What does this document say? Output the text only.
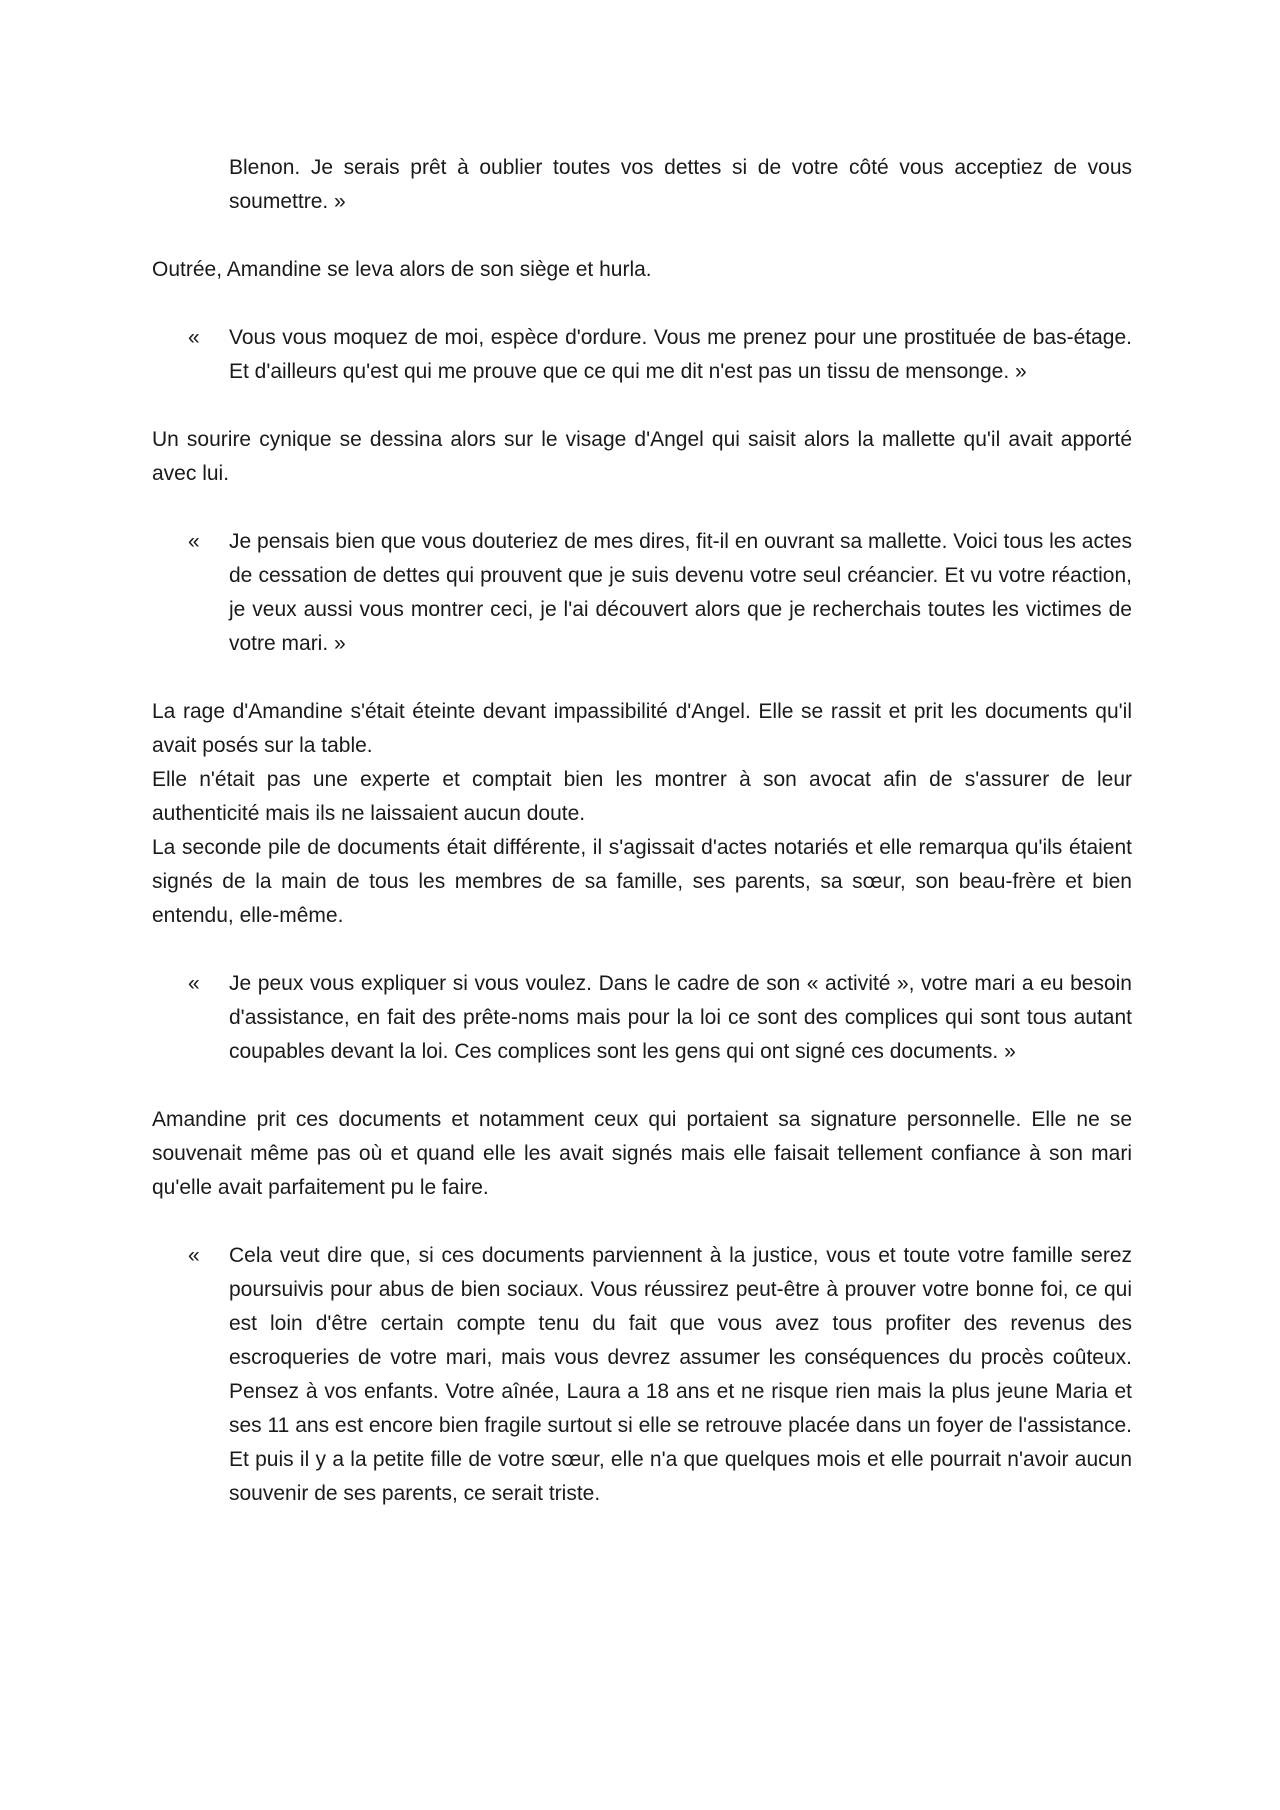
Blenon. Je serais prêt à oublier toutes vos dettes si de votre côté vous acceptiez de vous soumettre. »

Outrée, Amandine se leva alors de son siège et hurla.

« Vous vous moquez de moi, espèce d'ordure. Vous me prenez pour une prostituée de bas-étage. Et d'ailleurs qu'est qui me prouve que ce qui me dit n'est pas un tissu de mensonge. »

Un sourire cynique se dessina alors sur le visage d'Angel qui saisit alors la mallette qu'il avait apporté avec lui.

« Je pensais bien que vous douteriez de mes dires, fit-il en ouvrant sa mallette. Voici tous les actes de cessation de dettes qui prouvent que je suis devenu votre seul créancier. Et vu votre réaction, je veux aussi vous montrer ceci, je l'ai découvert alors que je recherchais toutes les victimes de votre mari. »

La rage d'Amandine s'était éteinte devant impassibilité d'Angel. Elle se rassit et prit les documents qu'il avait posés sur la table.

Elle n'était pas une experte et comptait bien les montrer à son avocat afin de s'assurer de leur authenticité mais ils ne laissaient aucun doute.

La seconde pile de documents était différente, il s'agissait d'actes notariés et elle remarqua qu'ils étaient signés de la main de tous les membres de sa famille, ses parents, sa sœur, son beau-frère et bien entendu, elle-même.

« Je peux vous expliquer si vous voulez. Dans le cadre de son « activité », votre mari a eu besoin d'assistance, en fait des prête-noms mais pour la loi ce sont des complices qui sont tous autant coupables devant la loi. Ces complices sont les gens qui ont signé ces documents. »

Amandine prit ces documents et notamment ceux qui portaient sa signature personnelle. Elle ne se souvenait même pas où et quand elle les avait signés mais elle faisait tellement confiance à son mari qu'elle avait parfaitement pu le faire.

« Cela veut dire que, si ces documents parviennent à la justice, vous et toute votre famille serez poursuivis pour abus de bien sociaux. Vous réussirez peut-être à prouver votre bonne foi, ce qui est loin d'être certain compte tenu du fait que vous avez tous profiter des revenus des escroqueries de votre mari, mais vous devrez assumer les conséquences du procès coûteux. Pensez à vos enfants. Votre aînée, Laura a 18 ans et ne risque rien mais la plus jeune Maria et ses 11 ans est encore bien fragile surtout si elle se retrouve placée dans un foyer de l'assistance. Et puis il y a la petite fille de votre sœur, elle n'a que quelques mois et elle pourrait n'avoir aucun souvenir de ses parents, ce serait triste.
